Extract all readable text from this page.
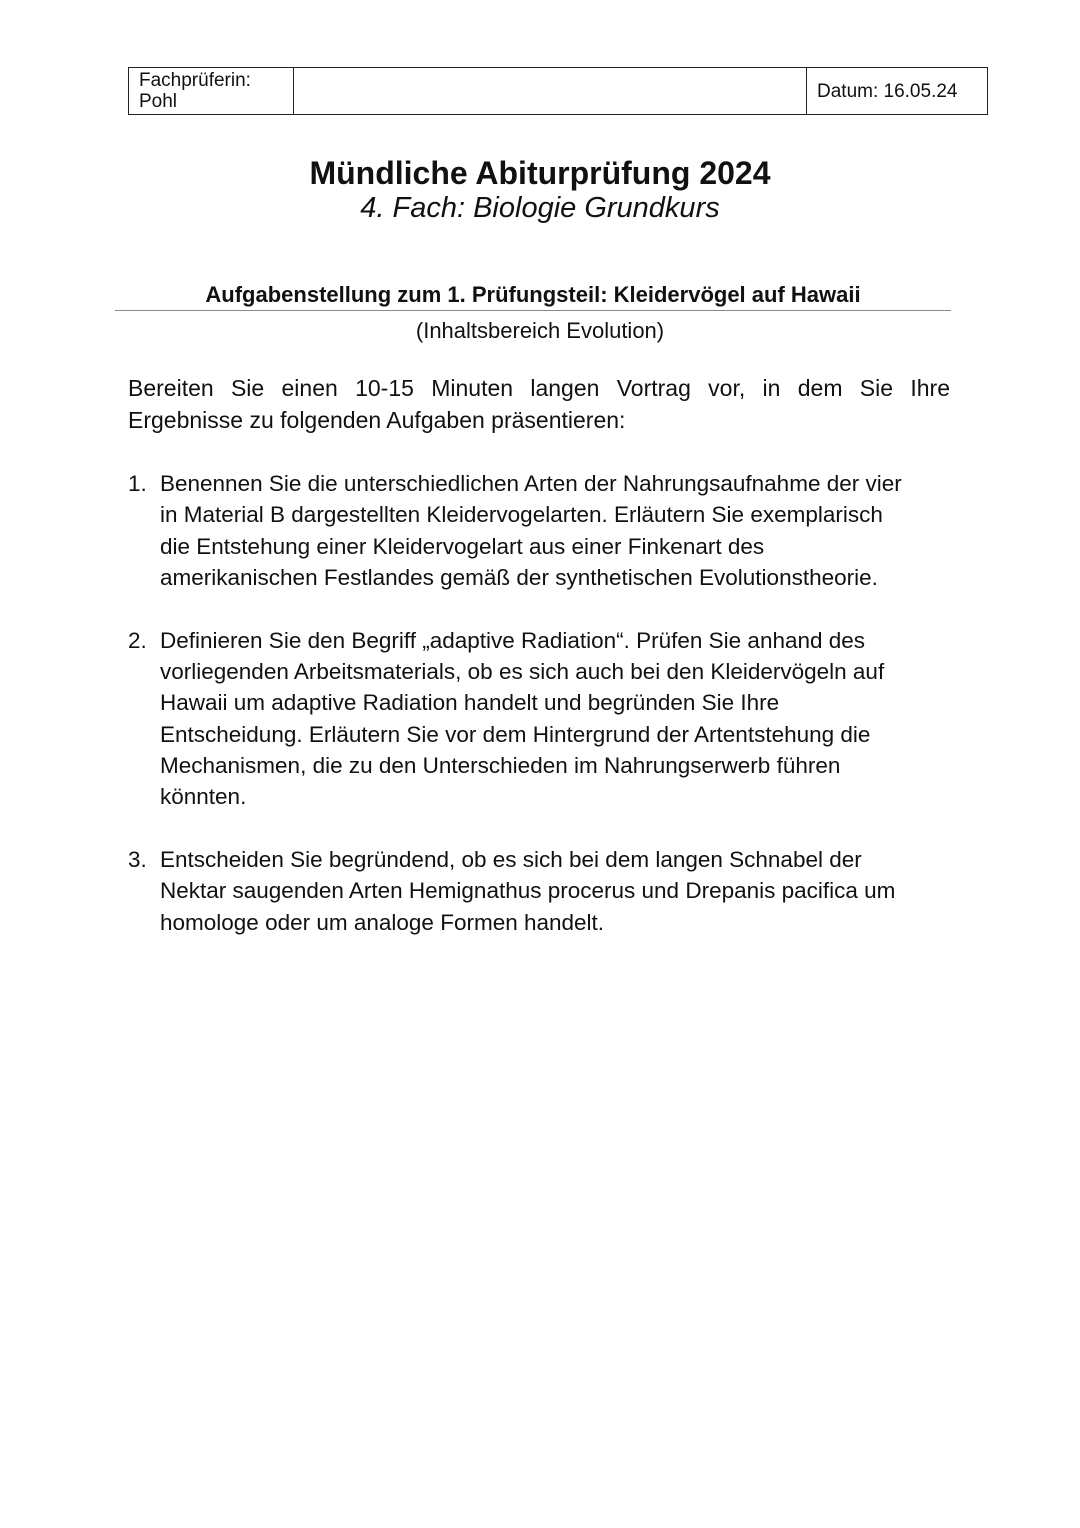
Fachprüferin:
Pohl		Datum: 16.05.24
Mündliche Abiturprüfung 2024
4. Fach: Biologie Grundkurs
Aufgabenstellung zum 1. Prüfungsteil: Kleidervögel auf Hawaii
(Inhaltsbereich Evolution)
Bereiten Sie einen 10-15 Minuten langen Vortrag vor, in dem Sie Ihre Ergebnisse zu folgenden Aufgaben präsentieren:
1. Benennen Sie die unterschiedlichen Arten der Nahrungsaufnahme der vier
in Material B dargestellten Kleidervogelarten. Erläutern Sie exemplarisch
die Entstehung einer Kleidervogelart aus einer Finkenart des
amerikanischen Festlandes gemäß der synthetischen Evolutionstheorie.
2. Definieren Sie den Begriff „adaptive Radiation“. Prüfen Sie anhand des
vorliegenden Arbeitsmaterials, ob es sich auch bei den Kleidervögeln auf
Hawaii um adaptive Radiation handelt und begründen Sie Ihre
Entscheidung. Erläutern Sie vor dem Hintergrund der Artentstehung die
Mechanismen, die zu den Unterschieden im Nahrungserwerb führen
könnten.
3. Entscheiden Sie begründend, ob es sich bei dem langen Schnabel der
Nektar saugenden Arten Hemignathus procerus und Drepanis pacifica um
homologe oder um analoge Formen handelt.
